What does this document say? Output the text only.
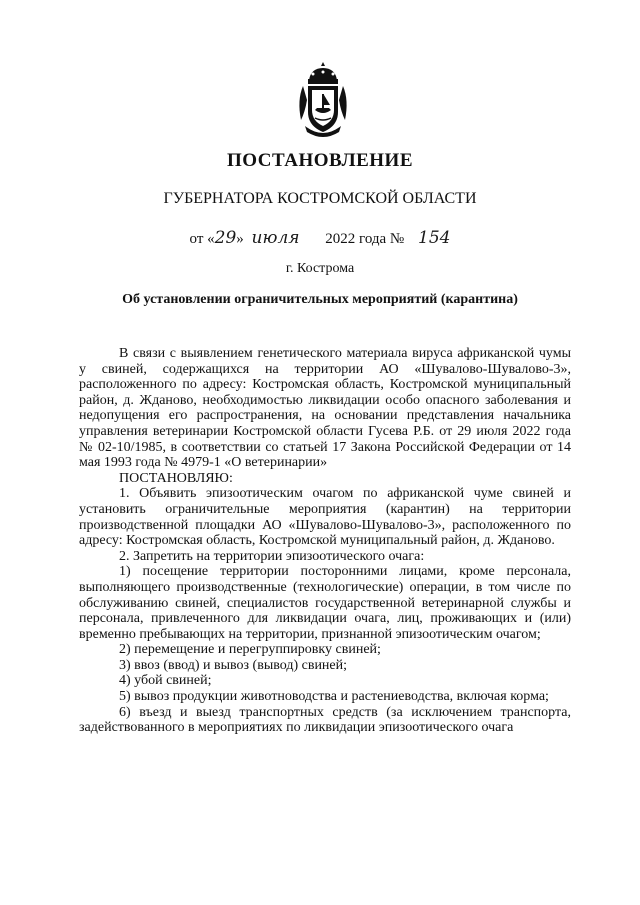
ПОСТАНОВЛЕНИЕ
ГУБЕРНАТОРА КОСТРОМСКОЙ ОБЛАСТИ
от «29» июля 2022 года № 154
г. Кострома
Об установлении ограничительных мероприятий (карантина)

В связи с выявлением генетического материала вируса африканской чумы у свиней, содержащихся на территории АО «Шувалово-Шувалово-3», расположенного по адресу: Костромская область, Костромской муниципальный район, д. Жданово, необходимостью ликвидации особо опасного заболевания и недопущения его распространения, на основании представления начальника управления ветеринарии Костромской области Гусева Р.Б. от 29 июля 2022 года № 02-10/1985, в соответствии со статьей 17 Закона Российской Федерации от 14 мая 1993 года № 4979-1 «О ветеринарии»

ПОСТАНОВЛЯЮ:

1. Объявить эпизоотическим очагом по африканской чуме свиней и установить ограничительные мероприятия (карантин) на территории производственной площадки АО «Шувалово-Шувалово-3», расположенного по адресу: Костромская область, Костромской муниципальный район, д. Жданово.

2. Запретить на территории эпизоотического очага:

1) посещение территории посторонними лицами, кроме персонала, выполняющего производственные (технологические) операции, в том числе по обслуживанию свиней, специалистов государственной ветеринарной службы и персонала, привлеченного для ликвидации очага, лиц, проживающих и (или) временно пребывающих на территории, признанной эпизоотическим очагом;

2) перемещение и перегруппировку свиней;

3) ввоз (ввод) и вывоз (вывод) свиней;

4) убой свиней;

5) вывоз продукции животноводства и растениеводства, включая корма;

6) въезд и выезд транспортных средств (за исключением транспорта, задействованного в мероприятиях по ликвидации эпизоотического очага
